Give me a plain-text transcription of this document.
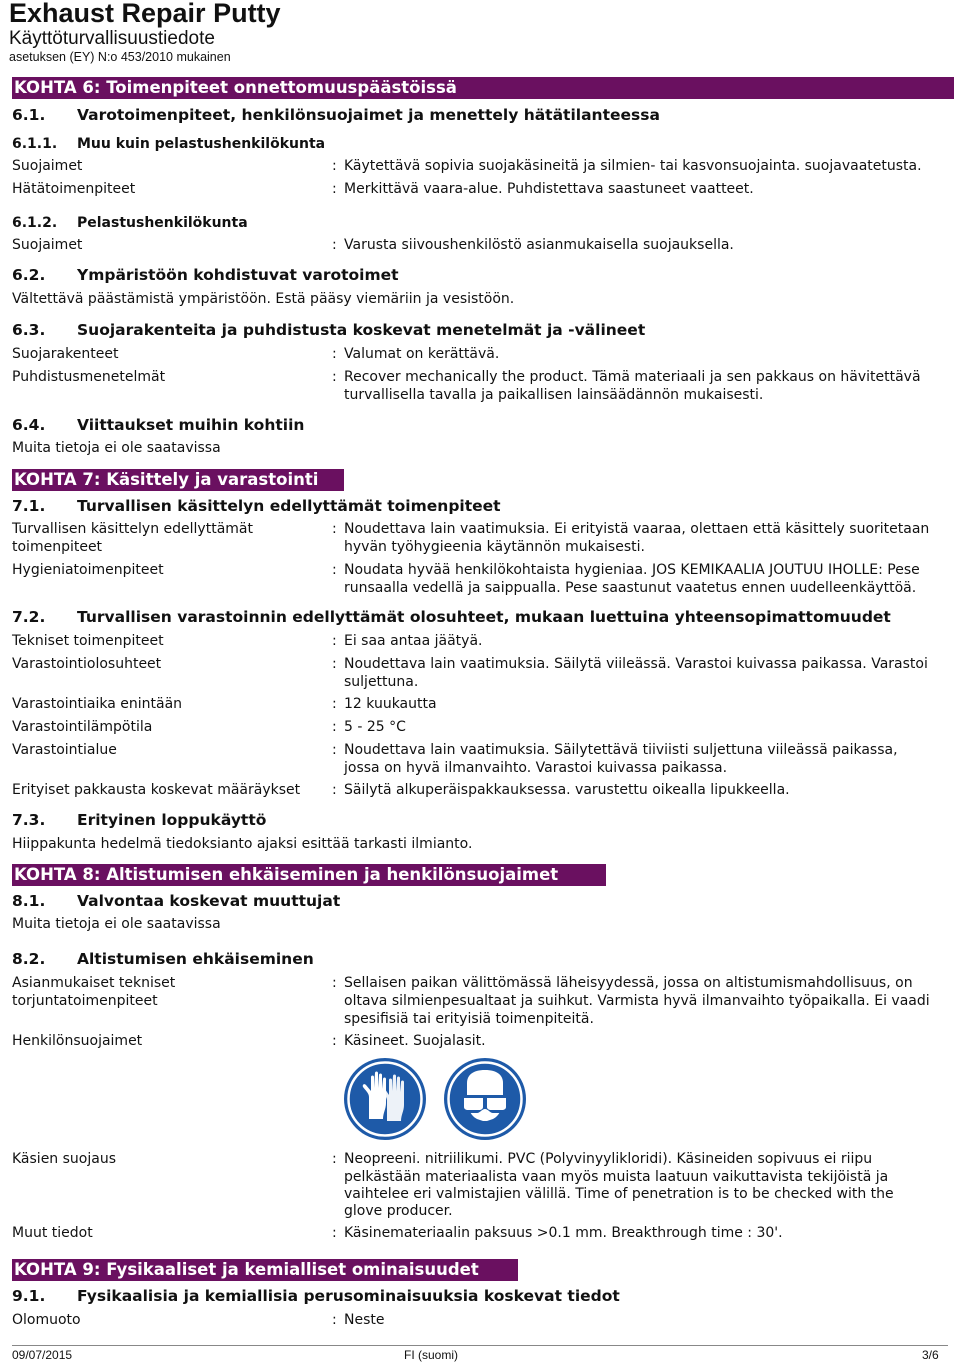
Exhaust Repair Putty
Käyttöturvallisuustiedote
asetuksen (EY) N:o 453/2010 mukainen
KOHTA 6: Toimenpiteet onnettomuuspäästöissä
6.1. Varotoimenpiteet, henkilönsuojaimet ja menettely hätätilanteessa
6.1.1. Muu kuin pelastushenkilökunta
Suojaimet	: Käytettävä sopivia suojakäsineitä ja silmien- tai kasvonsuojainta. suojavaatetusta.
Hätätoimenpiteet	: Merkittävä vaara-alue. Puhdistettava saastuneet vaatteet.
6.1.2. Pelastushenkilökunta
Suojaimet	: Varusta siivoushenkilöstö asianmukaisella suojauksella.
6.2. Ympäristöön kohdistuvat varotoimet
Vältettävä päästämistä ympäristöön. Estä pääsy viemäriin ja vesistöön.
6.3. Suojarakenteita ja puhdistusta koskevat menetelmät ja -välineet
Suojarakenteet	: Valumat on kerättävä.
Puhdistusmenetelmät	: Recover mechanically the product. Tämä materiaali ja sen pakkaus on hävitettävä
turvallisella tavalla ja paikallisen lainsäädännön mukaisesti.
6.4. Viittaukset muihin kohtiin
Muita tietoja ei ole saatavissa
KOHTA 7: Käsittely ja varastointi
7.1. Turvallisen käsittelyn edellyttämät toimenpiteet
Turvallisen käsittelyn edellyttämät
toimenpiteet
: Noudettava lain vaatimuksia. Ei erityistä vaaraa, olettaen että käsittely suoritetaan
hyvän työhygieenia käytännön mukaisesti.
Hygieniatoimenpiteet	: Noudata hyvää henkilökohtaista hygieniaa. JOS KEMIKAALIA JOUTUU IHOLLE: Pese
runsaalla vedellä ja saippualla. Pese saastunut vaatetus ennen uudelleenkäyttöä.
7.2. Turvallisen varastoinnin edellyttämät olosuhteet, mukaan luettuina yhteensopimattomuudet
Tekniset toimenpiteet	: Ei saa antaa jäätyä.
Varastointiolosuhteet	: Noudettava lain vaatimuksia. Säilytä viileässä. Varastoi kuivassa paikassa. Varastoi
suljettuna.
Varastointiaika enintään	: 12 kuukautta
Varastointilämpötila	: 5 - 25 °C
Varastointialue	: Noudettava lain vaatimuksia. Säilytettävä tiiviisti suljettuna viileässä paikassa,
jossa on hyvä ilmanvaihto. Varastoi kuivassa paikassa.
Erityiset pakkausta koskevat määräykset : Säilytä alkuperäispakkauksessa. varustettu oikealla lipukkeella.
7.3. Erityinen loppukäyttö
Hiippakunta hedelmä tiedoksianto ajaksi esittää tarkasti ilmianto.
KOHTA 8: Altistumisen ehkäiseminen ja henkilönsuojaimet
8.1. Valvontaa koskevat muuttujat
Muita tietoja ei ole saatavissa
8.2. Altistumisen ehkäiseminen
Asianmukaiset tekniset
torjuntatoimenpiteet
: Sellaisen paikan välittömässä läheisyydessä, jossa on altistumismahdollisuus, on
oltava silmienpesualtaat ja suihkut. Varmista hyvä ilmanvaihto työpaikalla. Ei vaadi
spesifisiä tai erityisiä toimenpiteitä.
Henkilönsuojaimet	: Käsineet. Suojalasit.
Käsien suojaus	: Neopreeni. nitriilikumi. PVC (Polyvinyylikloridi). Käsineiden sopivuus ei riipu
pelkästään materiaalista vaan myös muista laatuun vaikuttavista tekijöistä ja
vaihtelee eri valmistajien välillä. Time of penetration is to be checked with the
glove producer.
Muut tiedot	: Käsinemateriaalin paksuus >0.1 mm. Breakthrough time : 30'.
KOHTA 9: Fysikaaliset ja kemialliset ominaisuudet
9.1. Fysikaalisia ja kemiallisia perusominaisuuksia koskevat tiedot
Olomuoto	: Neste
09/07/2015	FI (suomi)	3/6
